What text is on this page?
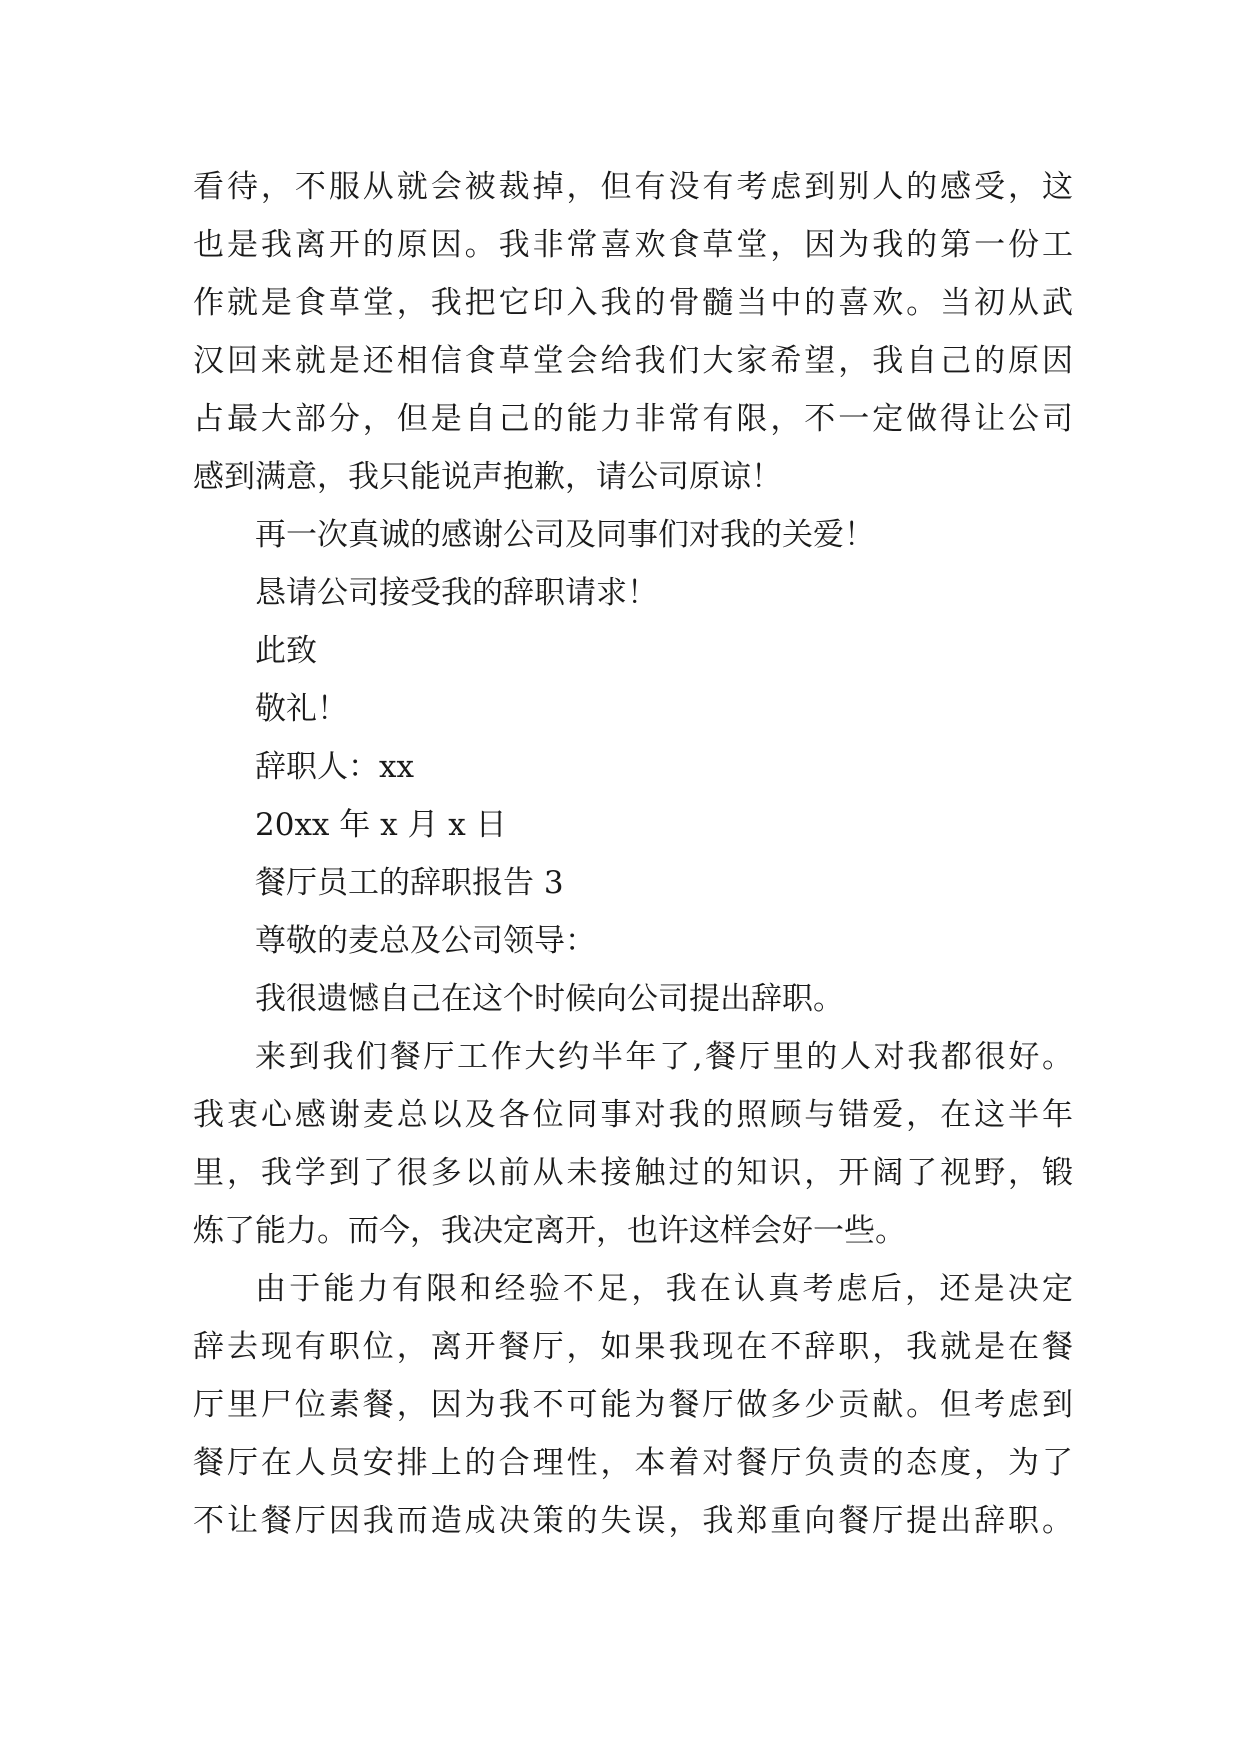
看待，不服从就会被裁掉，但有没有考虑到别人的感受，这
也是我离开的原因。我非常喜欢食草堂，因为我的第一份工
作就是食草堂，我把它印入我的骨髓当中的喜欢。当初从武
汉回来就是还相信食草堂会给我们大家希望，我自己的原因
占最大部分，但是自己的能力非常有限，不一定做得让公司
感到满意，我只能说声抱歉，请公司原谅！
再一次真诚的感谢公司及同事们对我的关爱！
恳请公司接受我的辞职请求！
此致
敬礼！
辞职人：xx
20xx 年 x 月 x 日
餐厅员工的辞职报告 3
尊敬的麦总及公司领导：
我很遗憾自己在这个时候向公司提出辞职。
来到我们餐厅工作大约半年了,餐厅里的人对我都很好。
我衷心感谢麦总以及各位同事对我的照顾与错爱，在这半年
里，我学到了很多以前从未接触过的知识，开阔了视野，锻
炼了能力。而今，我决定离开，也许这样会好一些。
由于能力有限和经验不足，我在认真考虑后，还是决定
辞去现有职位，离开餐厅，如果我现在不辞职，我就是在餐
厅里尸位素餐，因为我不可能为餐厅做多少贡献。但考虑到
餐厅在人员安排上的合理性，本着对餐厅负责的态度，为了
不让餐厅因我而造成决策的失误，我郑重向餐厅提出辞职。
